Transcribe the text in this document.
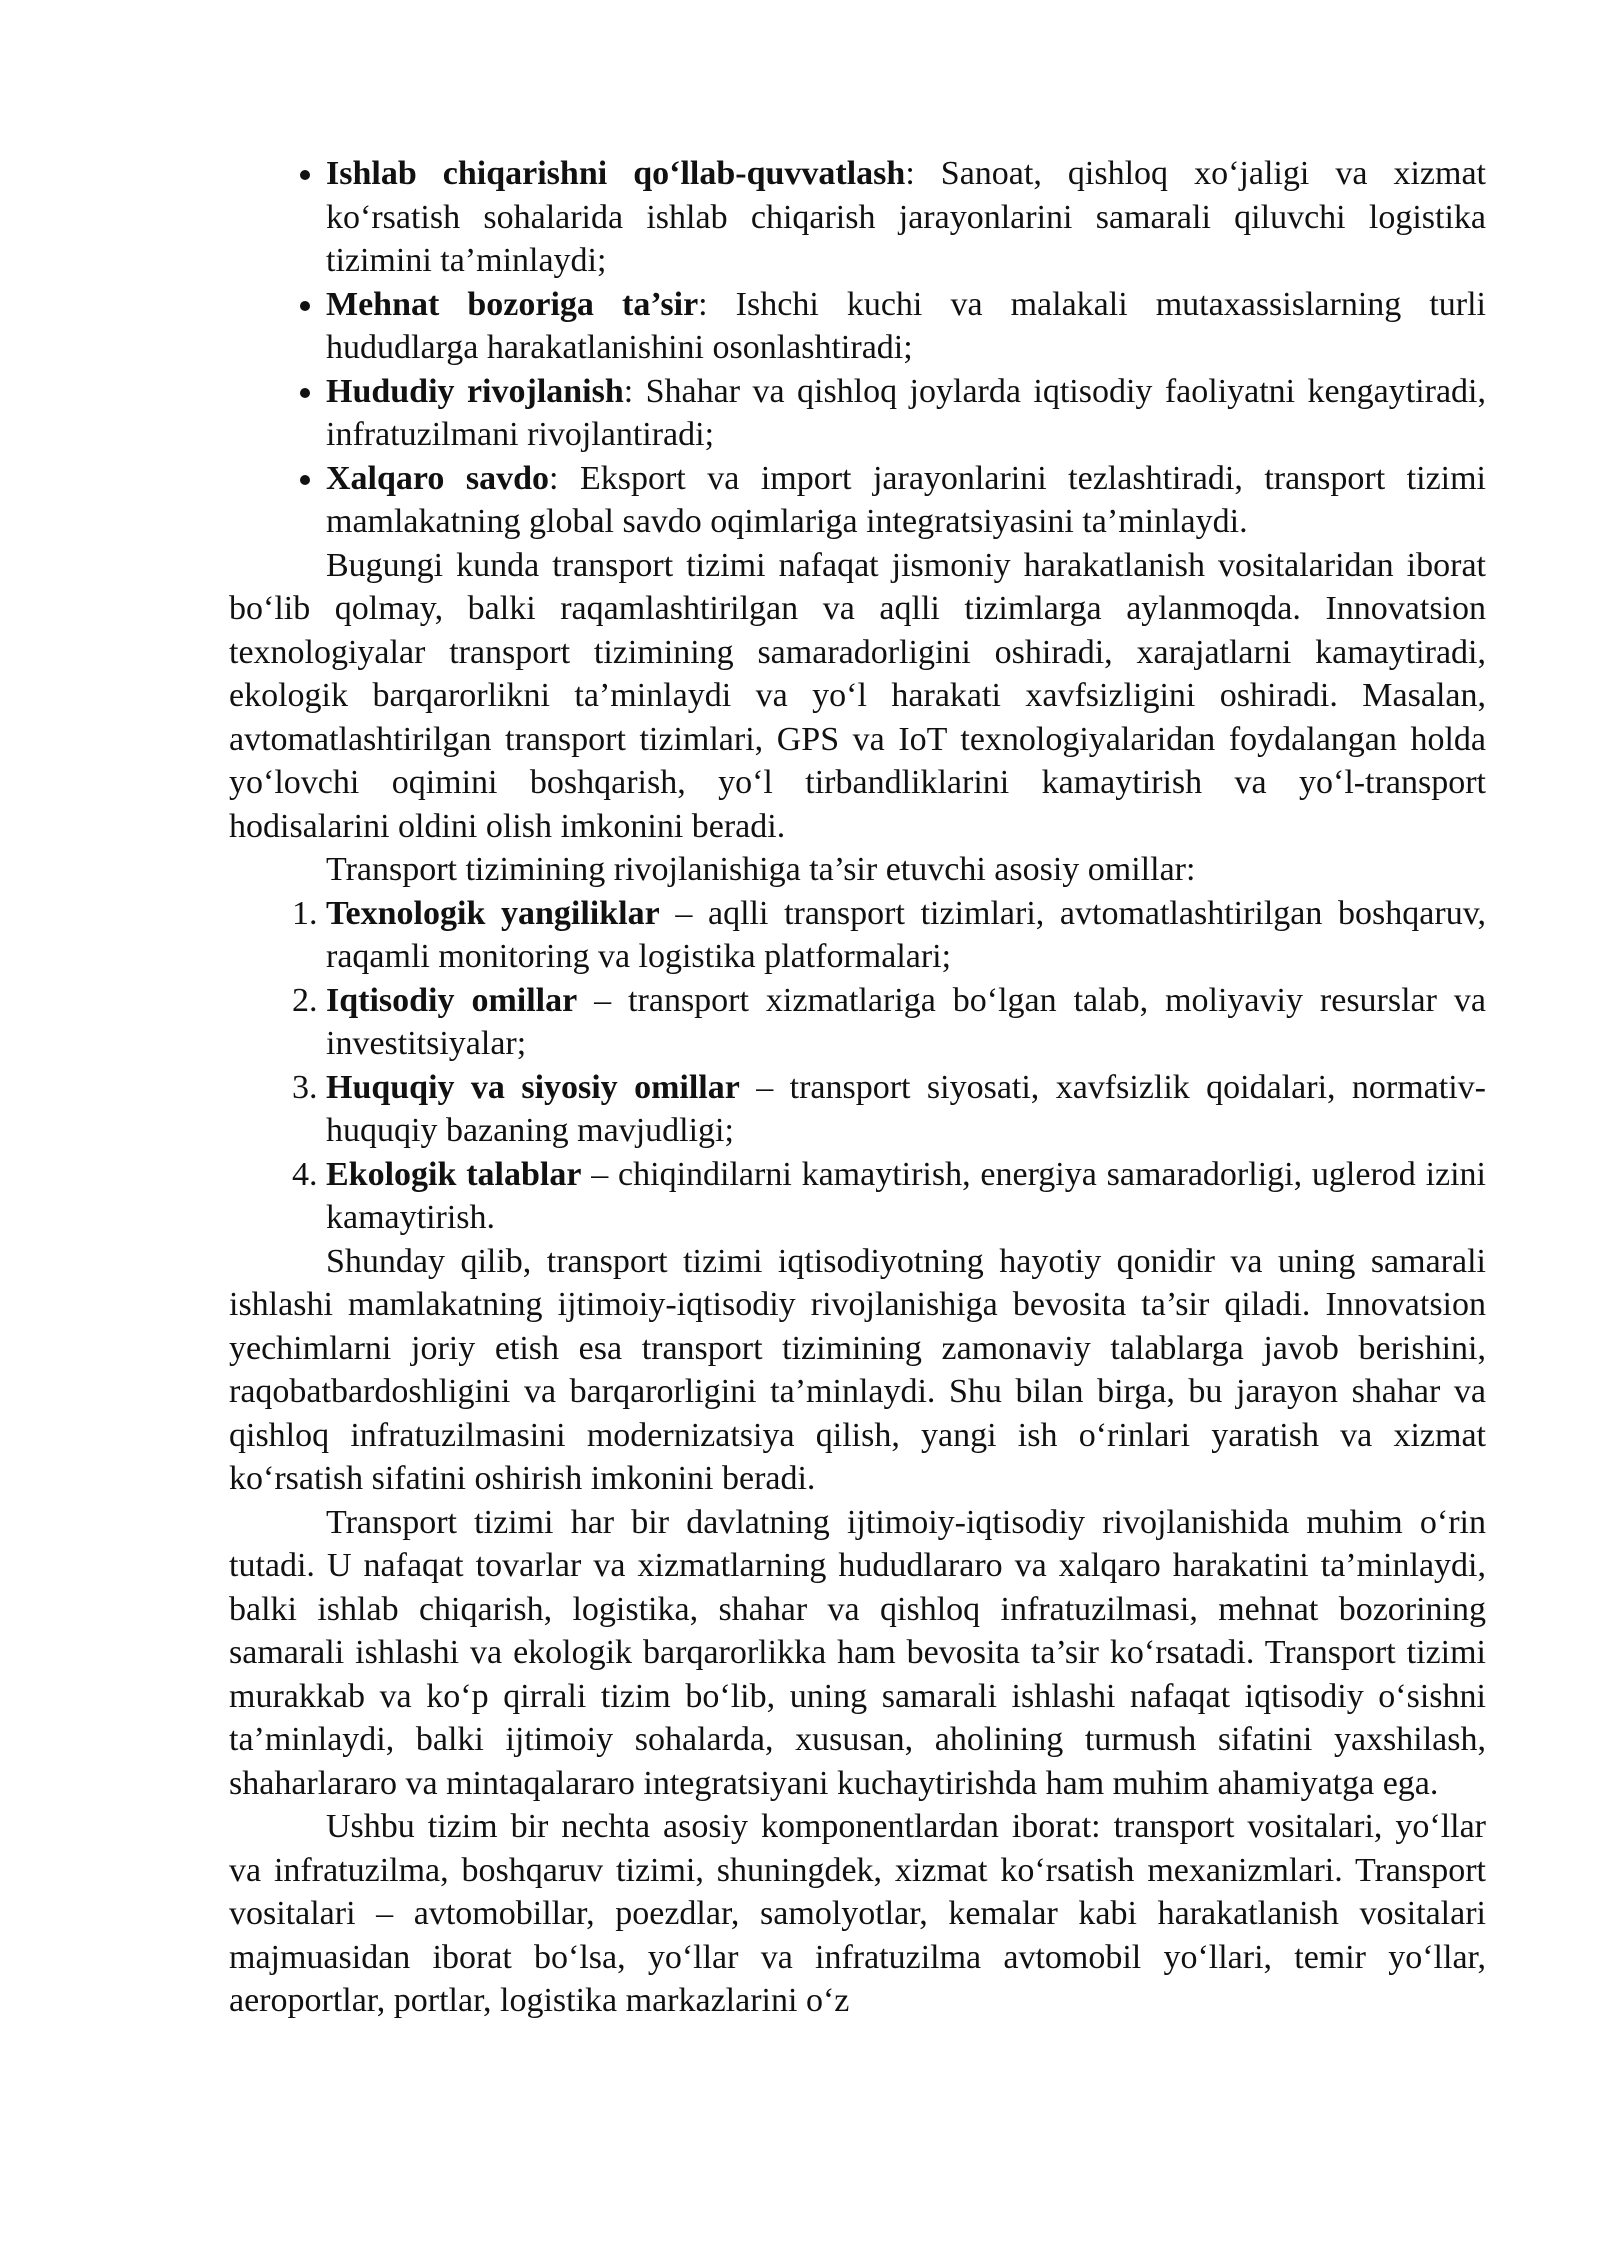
• Ishlab chiqarishni qo‘llab-quvvatlash: Sanoat, qishloq xo‘jaligi va xizmat ko‘rsatish sohalarida ishlab chiqarish jarayonlarini samarali qiluvchi logistika tizimini ta’minlaydi;
• Mehnat bozoriga ta’sir: Ishchi kuchi va malakali mutaxassislarning turli hududlarga harakatlanishini osonlashtiradi;
• Hududiy rivojlanish: Shahar va qishloq joylarda iqtisodiy faoliyatni kengaytiradi, infratuzilmani rivojlantiradi;
• Xalqaro savdo: Eksport va import jarayonlarini tezlashtiradi, transport tizimi mamlakatning global savdo oqimlariga integratsiyasini ta’minlaydi.

Bugungi kunda transport tizimi nafaqat jismoniy harakatlanish vositalaridan iborat bo‘lib qolmay, balki raqamlashtirilgan va aqlli tizimlarga aylanmoqda. Innovatsion texnologiyalar transport tizimining samaradorligini oshiradi, xarajatlarni kamaytiradi, ekologik barqarorlikni ta’minlaydi va yo‘l harakati xavfsizligini oshiradi. Masalan, avtomatlashtirilgan transport tizimlari, GPS va IoT texnologiyalaridan foydalangan holda yo‘lovchi oqimini boshqarish, yo‘l tirbandliklarini kamaytirish va yo‘l-transport hodisalarini oldini olish imkonini beradi.

Transport tizimining rivojlanishiga ta’sir etuvchi asosiy omillar:

1. Texnologik yangiliklar – aqlli transport tizimlari, avtomatlashtirilgan boshqaruv, raqamli monitoring va logistika platformalari;
2. Iqtisodiy omillar – transport xizmatlariga bo‘lgan talab, moliyaviy resurslar va investitsiyalar;
3. Huquqiy va siyosiy omillar – transport siyosati, xavfsizlik qoidalari, normativ-huquqiy bazaning mavjudligi;
4. Ekologik talablar – chiqindilarni kamaytirish, energiya samaradorligi, uglerod izini kamaytirish.

Shunday qilib, transport tizimi iqtisodiyotning hayotiy qonidir va uning samarali ishlashi mamlakatning ijtimoiy-iqtisodiy rivojlanishiga bevosita ta’sir qiladi. Innovatsion yechimlarni joriy etish esa transport tizimining zamonaviy talablarga javob berishini, raqobatbardoshligini va barqarorligini ta’minlaydi. Shu bilan birga, bu jarayon shahar va qishloq infratuzilmasini modernizatsiya qilish, yangi ish o‘rinlari yaratish va xizmat ko‘rsatish sifatini oshirish imkonini beradi.

Transport tizimi har bir davlatning ijtimoiy-iqtisodiy rivojlanishida muhim o‘rin tutadi. U nafaqat tovarlar va xizmatlarning hududlararo va xalqaro harakatini ta’minlaydi, balki ishlab chiqarish, logistika, shahar va qishloq infratuzilmasi, mehnat bozorining samarali ishlashi va ekologik barqarorlikka ham bevosita ta’sir ko‘rsatadi. Transport tizimi murakkab va ko‘p qirrali tizim bo‘lib, uning samarali ishlashi nafaqat iqtisodiy o‘sishni ta’minlaydi, balki ijtimoiy sohalarda, xususan, aholining turmush sifatini yaxshilash, shaharlararo va mintaqalararo integratsiyani kuchaytirishda ham muhim ahamiyatga ega.

Ushbu tizim bir nechta asosiy komponentlardan iborat: transport vositalari, yo‘llar va infratuzilma, boshqaruv tizimi, shuningdek, xizmat ko‘rsatish mexanizmlari. Transport vositalari – avtomobillar, poezdlar, samolyotlar, kemalar kabi harakatlanish vositalari majmuasidan iborat bo‘lsa, yo‘llar va infratuzilma avtomobil yo‘llari, temir yo‘llar, aeroportlar, portlar, logistika markazlarini o‘z
